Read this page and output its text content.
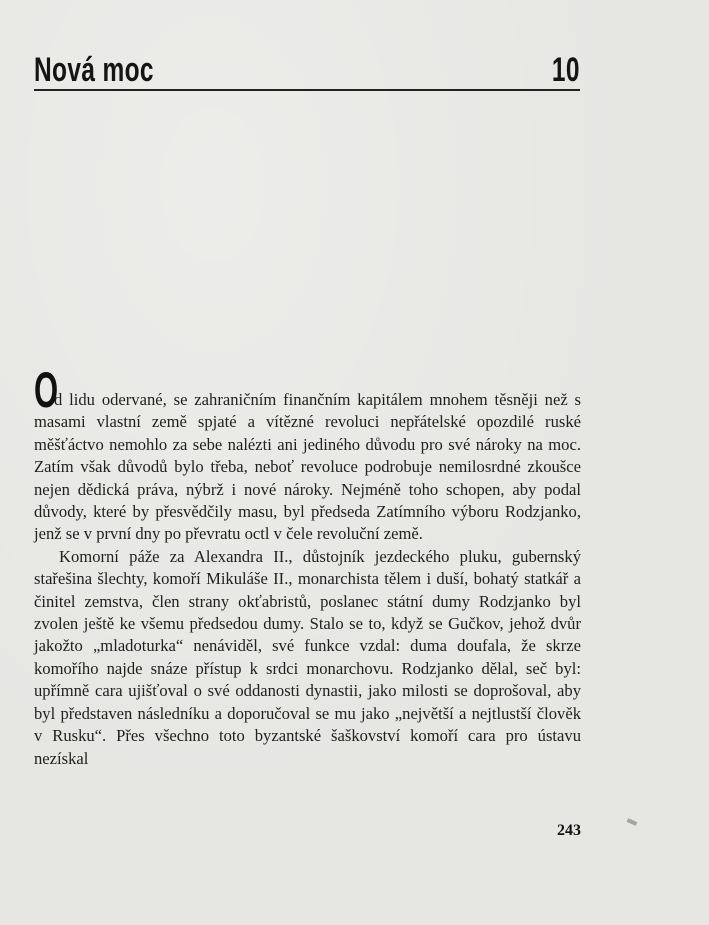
Nová moc	10

O
d lidu odervané, se zahraničním finančním kapitálem mnohem těsněji než s masami vlastní země spjaté a vítězné revoluci nepřátelské opozdilé ruské měšťáctvo nemohlo za sebe nalézti ani jediného důvodu pro své nároky na moc. Zatím však důvodů bylo třeba, neboť revoluce podrobuje nemilosrdné zkoušce nejen dědická práva, nýbrž i nové nároky. Nejméně toho schopen, aby podal důvody, které by přesvědčily masu, byl předseda Zatímního výboru Rodzjanko, jenž se v první dny po převratu octl v čele revoluční země.

Komorní páže za Alexandra II., důstojník jezdeckého pluku, gubernský stařešina šlechty, komoří Mikuláše II., monarchista tělem i duší, bohatý statkář a činitel zemstva, člen strany okťabristů, poslanec státní dumy Rodzjanko byl zvolen ještě ke všemu předsedou dumy. Stalo se to, když se Gučkov, jehož dvůr jakožto „mladoturka“ nenáviděl, své funkce vzdal: duma doufala, že skrze komořího najde snáze přístup k srdci monarchovu. Rodzjanko dělal, seč byl: upřímně cara ujišťoval o své oddanosti dynastii, jako milosti se doprošoval, aby byl představen následníku a doporučoval se mu jako „největší a nejtlustší člověk v Rusku“. Přes všechno toto byzantské šaškovství komoří cara pro ústavu nezískal

243
